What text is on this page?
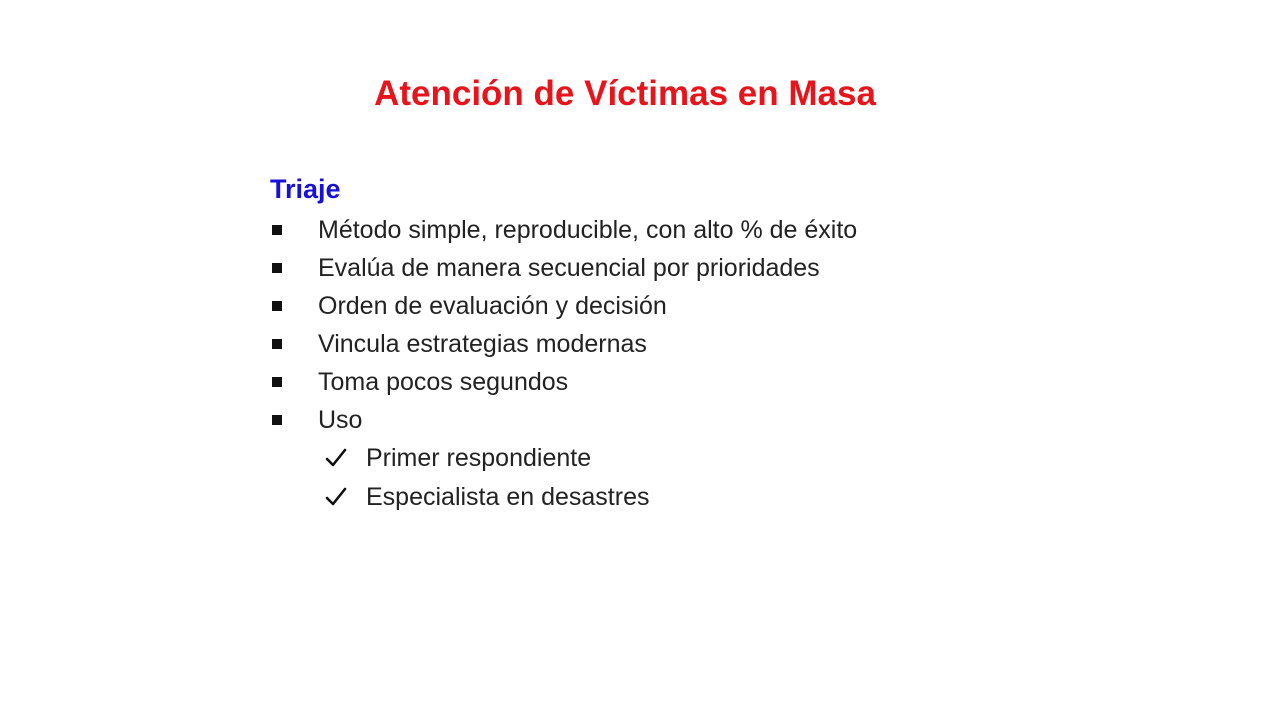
Atención de Víctimas en Masa
Triaje
Método simple, reproducible, con alto % de éxito
Evalúa de manera secuencial por prioridades
Orden de evaluación y decisión
Vincula estrategias modernas
Toma pocos segundos
Uso
Primer respondiente
Especialista en desastres
